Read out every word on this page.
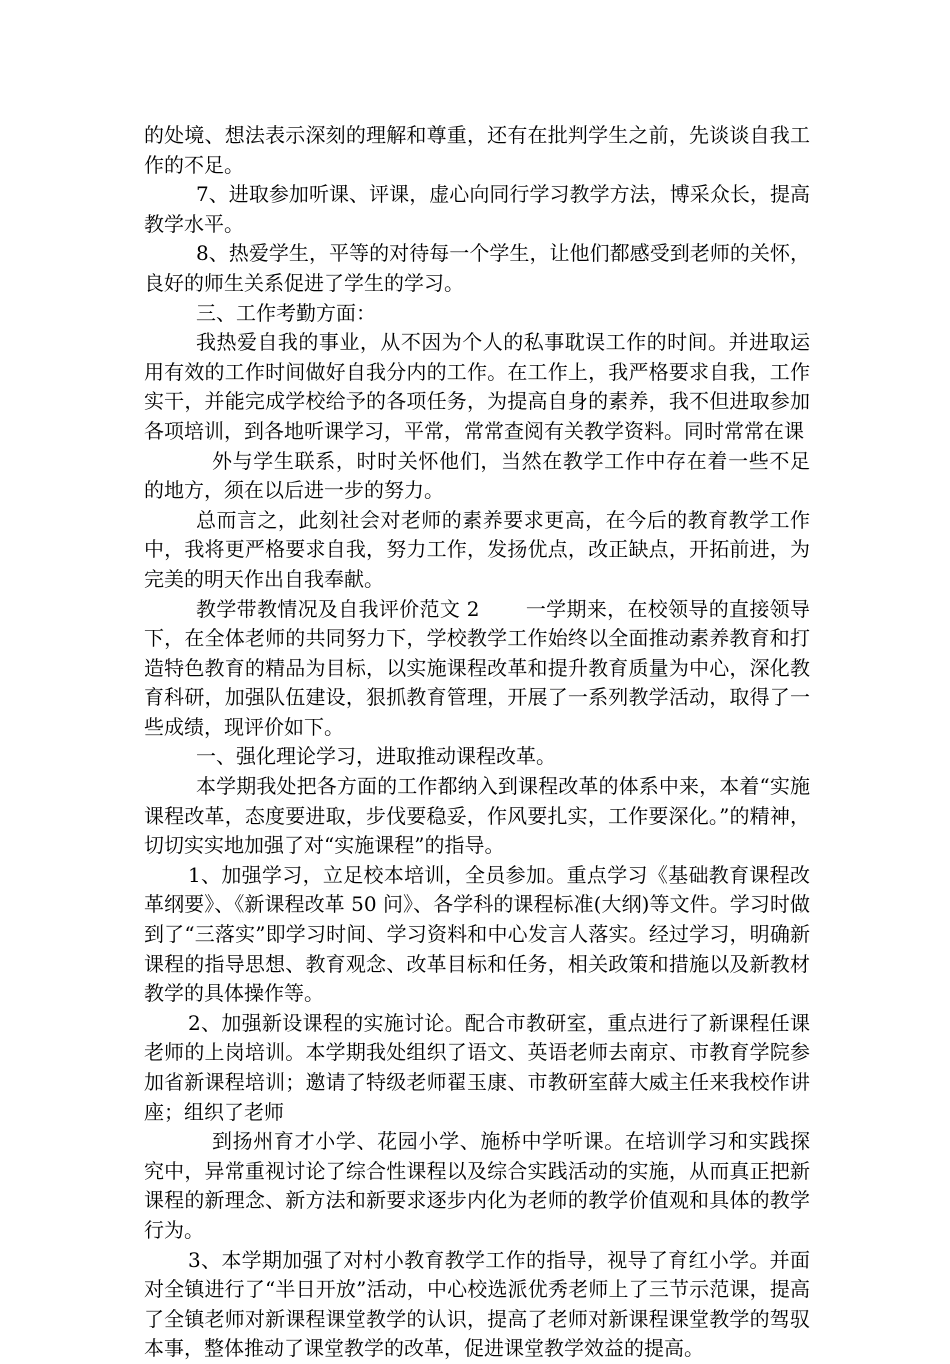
的处境、想法表示深刻的理解和尊重，还有在批判学生之前，先谈谈自我工作的不足。

7、进取参加听课、评课，虚心向同行学习教学方法，博采众长，提高教学水平。

8、热爱学生，平等的对待每一个学生，让他们都感受到老师的关怀，良好的师生关系促进了学生的学习。

三、工作考勤方面：

我热爱自我的事业，从不因为个人的私事耽误工作的时间。并进取运用有效的工作时间做好自我分内的工作。在工作上，我严格要求自我，工作实干，并能完成学校给予的各项任务，为提高自身的素养，我不但进取参加各项培训，到各地听课学习，平常，常常查阅有关教学资料。同时常常在课

外与学生联系，时时关怀他们，当然在教学工作中存在着一些不足的地方，须在以后进一步的努力。

总而言之，此刻社会对老师的素养要求更高，在今后的教育教学工作中，我将更严格要求自我，努力工作，发扬优点，改正缺点，开拓前进，为完美的明天作出自我奉献。

教学带教情况及自我评价范文 2 一学期来，在校领导的直接领导下，在全体老师的共同努力下，学校教学工作始终以全面推动素养教育和打造特色教育的精品为目标，以实施课程改革和提升教育质量为中心，深化教育科研，加强队伍建设，狠抓教育管理，开展了一系列教学活动，取得了一些成绩，现评价如下。

一、强化理论学习，进取推动课程改革。

本学期我处把各方面的工作都纳入到课程改革的体系中来，本着“实施课程改革，态度要进取，步伐要稳妥，作风要扎实，工作要深化。”的精神，切切实实地加强了对“实施课程”的指导。

1、加强学习，立足校本培训，全员参加。重点学习《基础教育课程改革纲要》、《新课程改革 50 问》、各学科的课程标准(大纲)等文件。学习时做到了“三落实”即学习时间、学习资料和中心发言人落实。经过学习，明确新课程的指导思想、教育观念、改革目标和任务，相关政策和措施以及新教材教学的具体操作等。

2、加强新设课程的实施讨论。配合市教研室，重点进行了新课程任课老师的上岗培训。本学期我处组织了语文、英语老师去南京、市教育学院参加省新课程培训；邀请了特级老师翟玉康、市教研室薛大威主任来我校作讲座；组织了老师

到扬州育才小学、花园小学、施桥中学听课。在培训学习和实践探究中，异常重视讨论了综合性课程以及综合实践活动的实施，从而真正把新课程的新理念、新方法和新要求逐步内化为老师的教学价值观和具体的教学行为。

3、本学期加强了对村小教育教学工作的指导，视导了育红小学。并面对全镇进行了“半日开放”活动，中心校选派优秀老师上了三节示范课，提高了全镇老师对新课程课堂教学的认识，提高了老师对新课程课堂教学的驾驭本事，整体推动了课堂教学的改革，促进课堂教学效益的提高。
